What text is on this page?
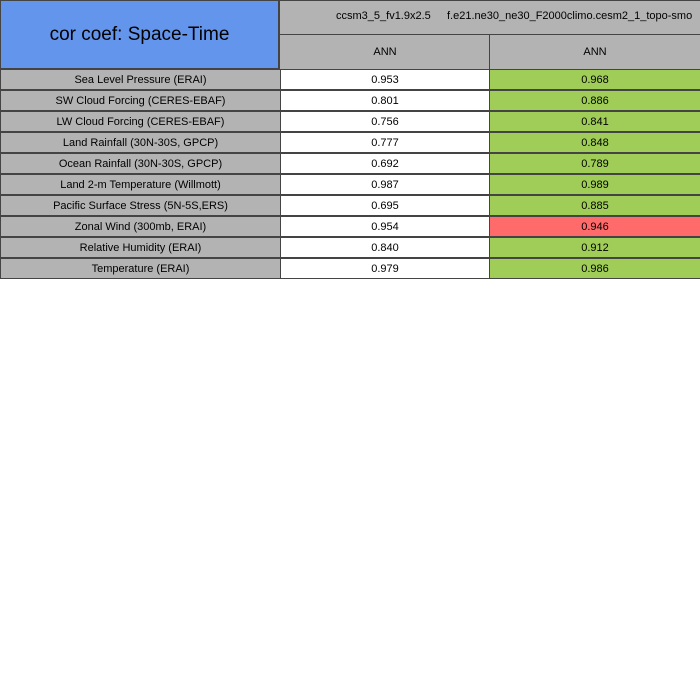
cor coef: Space-Time
ccsm3_5_fv1.9x2.5 f.e21.ne30_ne30_F2000climo.cesm2_1_topo-smo
ANN	ANN
Sea Level Pressure (ERAI)	0.953	0.968
SW Cloud Forcing (CERES-EBAF)	0.801	0.886
LW Cloud Forcing (CERES-EBAF)	0.756	0.841
Land Rainfall (30N-30S, GPCP)	0.777	0.848
Ocean Rainfall (30N-30S, GPCP)	0.692	0.789
Land 2-m Temperature (Willmott)	0.987	0.989
Pacific Surface Stress (5N-5S,ERS)	0.695	0.885
Zonal Wind (300mb, ERAI)	0.954	0.946
Relative Humidity (ERAI)	0.840	0.912
Temperature (ERAI)	0.979	0.986
